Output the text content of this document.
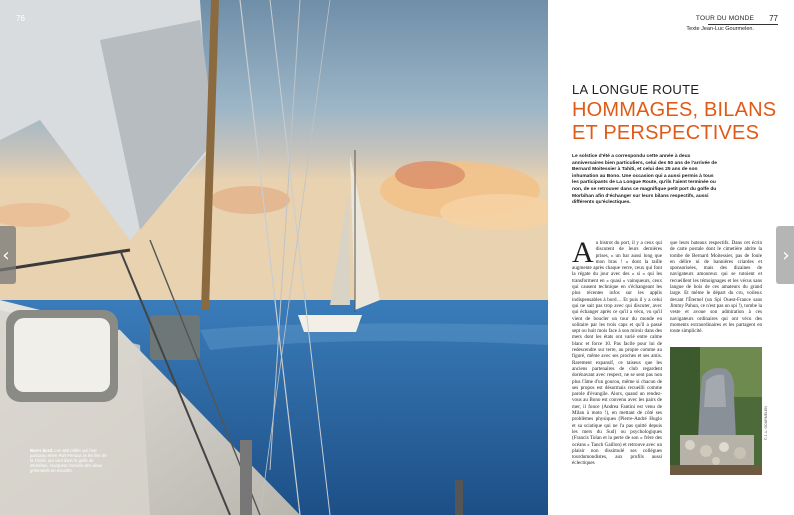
76
Bon's bord. Les 500 milles qui l'ont parcouru entre Port-Ferroux et les îles de la Trinité, qui sont dans le golfe du Morbihan, marquent l'arrivée des vieux gréements en escadre.
TOUR DU MONDE 77
Texte Jean-Luc Gourmelen.
LA LONGUE ROUTE
HOMMAGES, BILANS
ET PERSPECTIVES
Le solstice d'été a correspondu cette année à deux anniversaires bien particuliers, celui des 50 ans de l'arrivée de Bernard Moitessier à Tahiti, et celui des 25 ans de son inhumation au Bono. Une occasion qui a aussi permis à tous les participants de La Longue Route, qu'ils l'aient terminée ou non, de se retrouver dans ce magnifique petit port du golfe du Morbihan afin d'échanger sur leurs bilans respectifs, aussi différents qu'éclectiques.
A u bistrot du port, il y a ceux qui discutent de leurs dernières prises, « un bar aussi long que mon bras ! » dont la taille augmente après chaque verre, ceux qui font la régate du jour avec des « si » qui les transforment en « quasi » vainqueurs, ceux qui causent technique en s'échangeant les plus récentes infos sur les applis indispensables à bord… Et puis il y a celui qui ne sait pas trop avec qui discuter, avec qui échanger après ce qu'il a vécu, vu qu'il vient de boucler un tour du monde en solitaire par les trois caps et qu'il a passé sept ou huit mois face à son miroir dans des mers dont les états ont varié entre calme blanc et force 10. Pas facile pour lui de redescendre sur terre, au propre comme au figuré, même avec ses proches et ses amis. Rarement expansif, ce taiseux que les anciens partenaires de club regardent dorénavant avec respect, ne se sent pas non plus l'âme d'un gourou, même si chacun de ses propos est désormais recueilli comme parole d'évangile. Alors, quand un rendez-vous au Bono est convenu avec les pairs de mer, il fonce (Andrea Fantini est venu de Milan à moto !), en mettant de côté ses problèmes physiques (Pierre-André Huglo et sa sciatique qui ne l'a pas quitté depuis les mers du Sud) ou psychologiques (Francis Tolan et la perte de son « frère des océans » Tanch Gaillon) et retrouve avec un plaisir non dissimulé ses collègues tourdumondistes, aux profils aussi éclectiques
que leurs bateaux respectifs. Dans cet écrin de carte postale dont le cimetière abrite la tombe de Bernard Moitessier, pas de foule en délire ni de bannières criardes et sponsorisées, mais des dizaines de navigateurs amoureux qui se tutoient et recueillent les témoignages et les vécus sans langue de bois de ces amateurs du grand large. Et même le départ du cru, voileux devant l'Éternel (un Spi Ouest-France sans Jimmy Pahun, ce n'est pas un spi !), tombe la veste et avoue son admiration à ces navigateurs ordinaires qui ont vécu des moments extraordinaires et les partagent en toute simplicité.
© J.-L. GOURMELEN
‹	›
